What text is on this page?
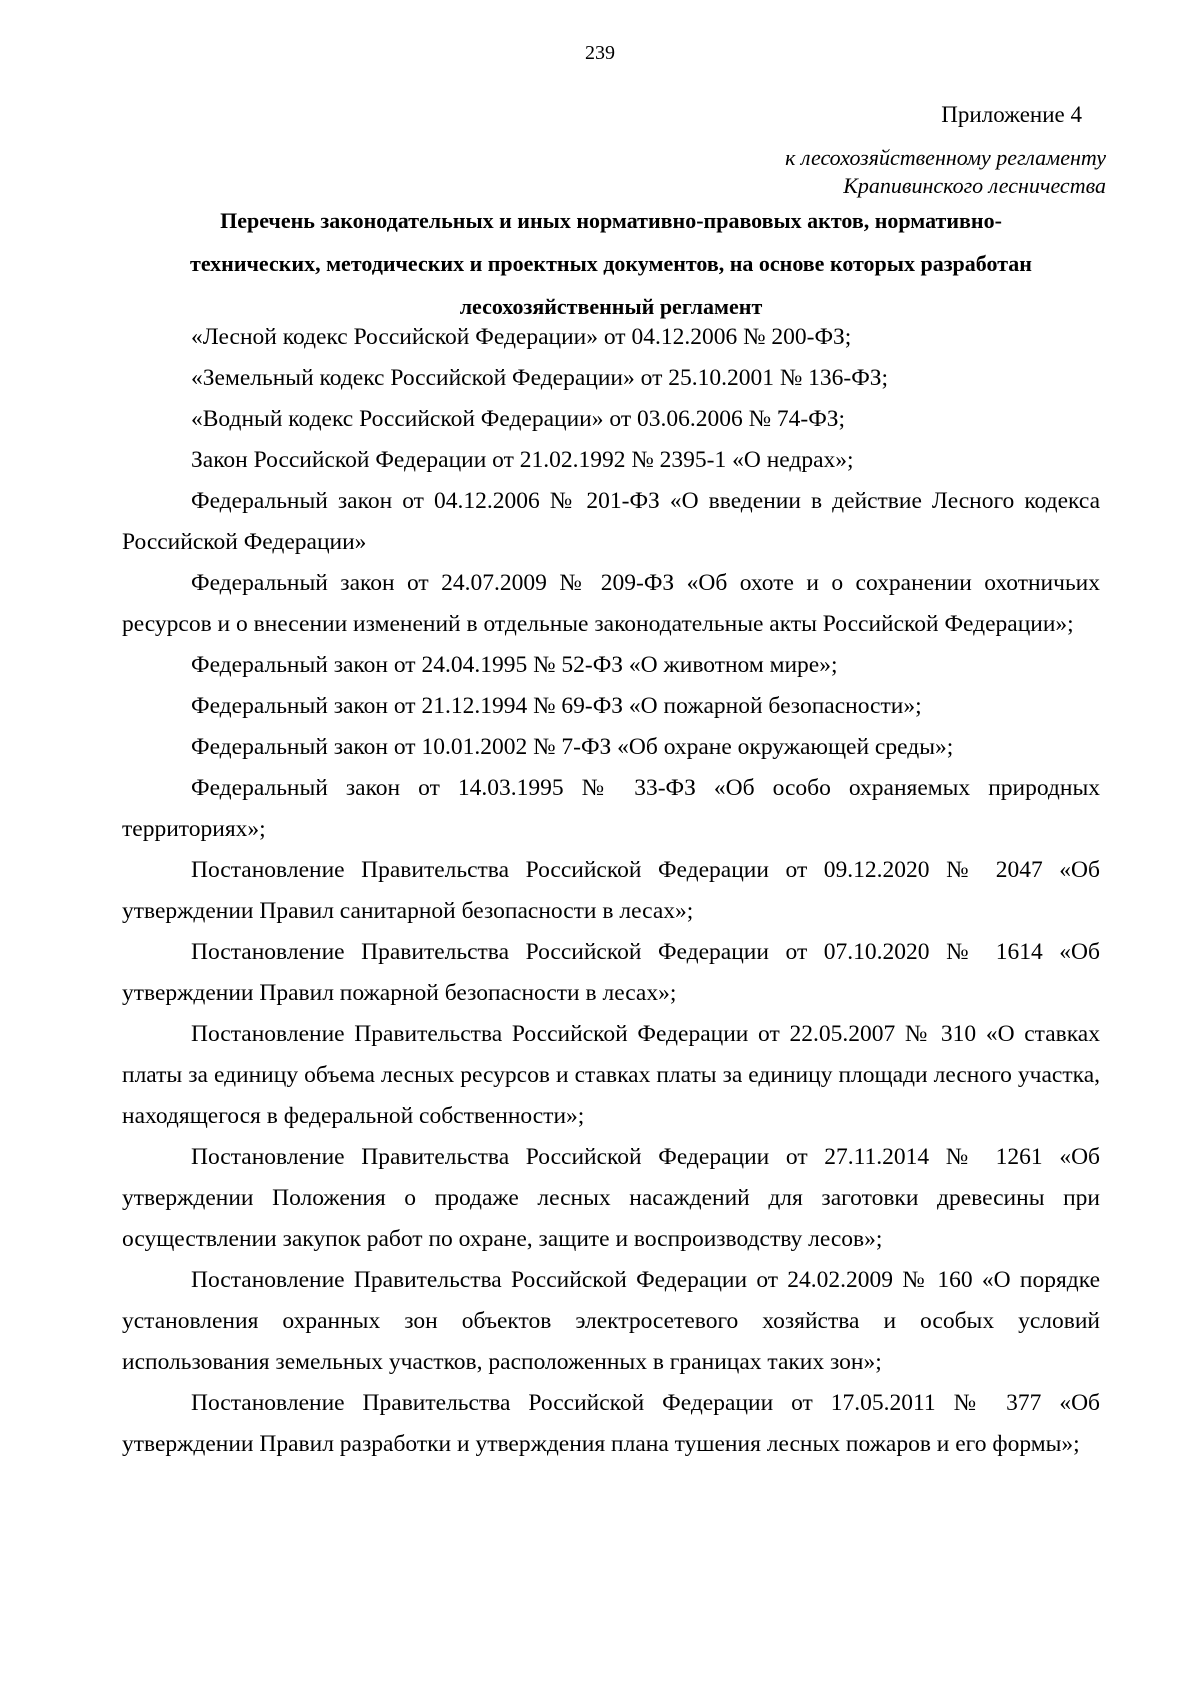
239
Приложение 4
к лесохозяйственному регламенту
Крапивинского лесничества
Перечень законодательных и иных нормативно-правовых актов, нормативно-
технических, методических и проектных документов, на основе которых разработан
лесохозяйственный регламент
«Лесной кодекс Российской Федерации» от 04.12.2006 № 200-ФЗ;
«Земельный кодекс Российской Федерации» от 25.10.2001 № 136-ФЗ;
«Водный кодекс Российской Федерации» от 03.06.2006 № 74-ФЗ;
Закон Российской Федерации от 21.02.1992 № 2395-1 «О недрах»;
Федеральный закон от 04.12.2006 № 201-ФЗ «О введении в действие Лесного кодекса Российской Федерации»
Федеральный закон от 24.07.2009 № 209-ФЗ «Об охоте и о сохранении охотничьих ресурсов и о внесении изменений в отдельные законодательные акты Российской Федерации»;
Федеральный закон от 24.04.1995 № 52-ФЗ «О животном мире»;
Федеральный закон от 21.12.1994 № 69-ФЗ «О пожарной безопасности»;
Федеральный закон от 10.01.2002 № 7-ФЗ «Об охране окружающей среды»;
Федеральный закон от 14.03.1995 № 33-ФЗ «Об особо охраняемых природных территориях»;
Постановление Правительства Российской Федерации от 09.12.2020 № 2047 «Об утверждении Правил санитарной безопасности в лесах»;
Постановление Правительства Российской Федерации от 07.10.2020 № 1614 «Об утверждении Правил пожарной безопасности в лесах»;
Постановление Правительства Российской Федерации от 22.05.2007 № 310 «О ставках платы за единицу объема лесных ресурсов и ставках платы за единицу площади лесного участка, находящегося в федеральной собственности»;
Постановление Правительства Российской Федерации от 27.11.2014 № 1261 «Об утверждении Положения о продаже лесных насаждений для заготовки древесины при осуществлении закупок работ по охране, защите и воспроизводству лесов»;
Постановление Правительства Российской Федерации от 24.02.2009 № 160 «О порядке установления охранных зон объектов электросетевого хозяйства и особых условий использования земельных участков, расположенных в границах таких зон»;
Постановление Правительства Российской Федерации от 17.05.2011 № 377 «Об утверждении Правил разработки и утверждения плана тушения лесных пожаров и его формы»;
